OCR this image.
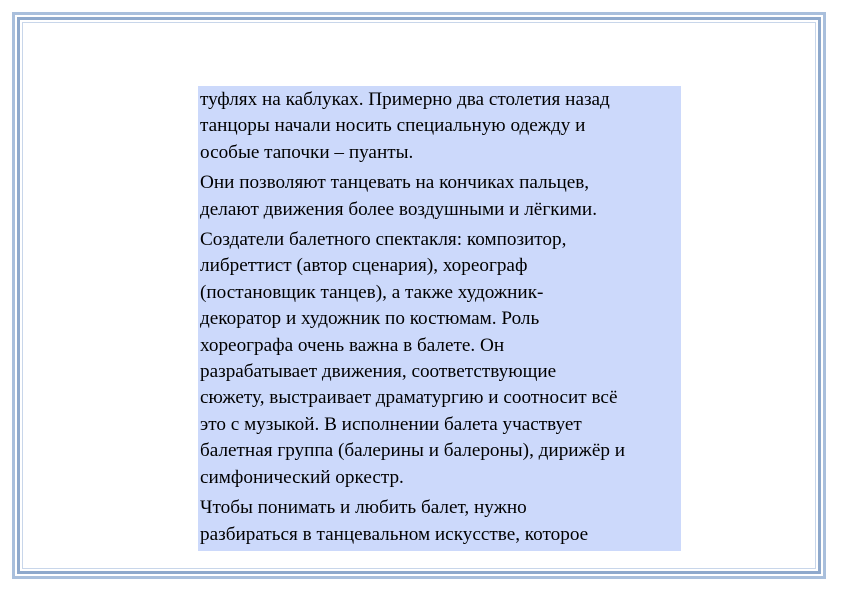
туфлях на каблуках. Примерно два столетия назад
танцоры начали носить специальную одежду и
особые тапочки – пуанты.

Они позволяют танцевать на кончиках пальцев,
делают движения более воздушными и лёгкими.

Создатели балетного спектакля: композитор,
либреттист (автор сценария), хореограф
(постановщик танцев), а также художник-
декоратор и художник по костюмам. Роль
хореографа очень важна в балете. Он
разрабатывает движения, соответствующие
сюжету, выстраивает драматургию и соотносит всё
это с музыкой. В исполнении балета участвует
балетная группа (балерины и балероны), дирижёр и
симфонический оркестр.

Чтобы понимать и любить балет, нужно
разбираться в танцевальном искусстве, которое
